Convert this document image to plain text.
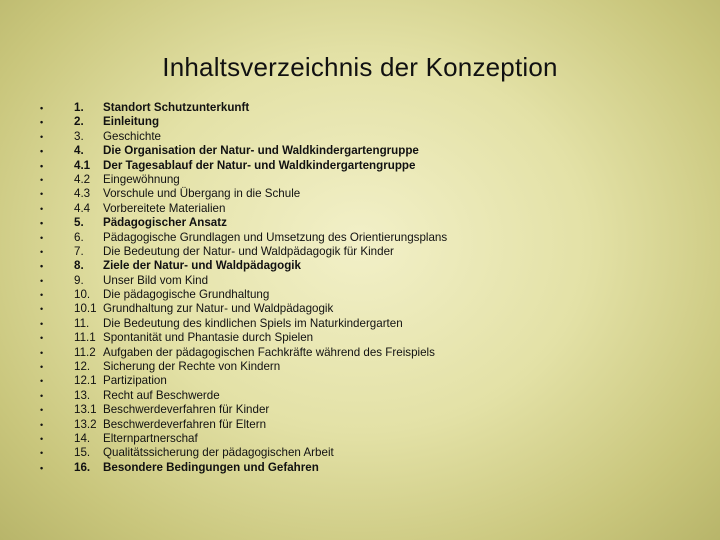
Inhaltsverzeichnis der Konzeption
•	1. Standort Schutzunterkunft
•	2. Einleitung
•	3. Geschichte
•	4. Die Organisation der Natur- und Waldkindergartengruppe
•	4.1 Der Tagesablauf der Natur- und Waldkindergartengruppe
•	4.2 Eingewöhnung
•	4.3 Vorschule und Übergang in die Schule
•	4.4 Vorbereitete Materialien
•	5. Pädagogischer Ansatz
•	6. Pädagogische Grundlagen und Umsetzung des Orientierungsplans
•	7. Die Bedeutung der Natur- und Waldpädagogik für Kinder
•	8. Ziele der Natur- und Waldpädagogik
•	9. Unser Bild vom Kind
•	10. Die pädagogische Grundhaltung
•	10.1 Grundhaltung zur Natur- und Waldpädagogik
•	11. Die Bedeutung des kindlichen Spiels im Naturkindergarten
•	11.1 Spontanität und Phantasie durch Spielen
•	11.2 Aufgaben der pädagogischen Fachkräfte während des Freispiels
•	12. Sicherung der Rechte von Kindern
•	12.1 Partizipation
•	13. Recht auf Beschwerde
•	13.1 Beschwerdeverfahren für Kinder
•	13.2 Beschwerdeverfahren für Eltern
•	14. Elternpartnerschaf
•	15. Qualitätssicherung der pädagogischen Arbeit
•	16. Besondere Bedingungen und Gefahren
